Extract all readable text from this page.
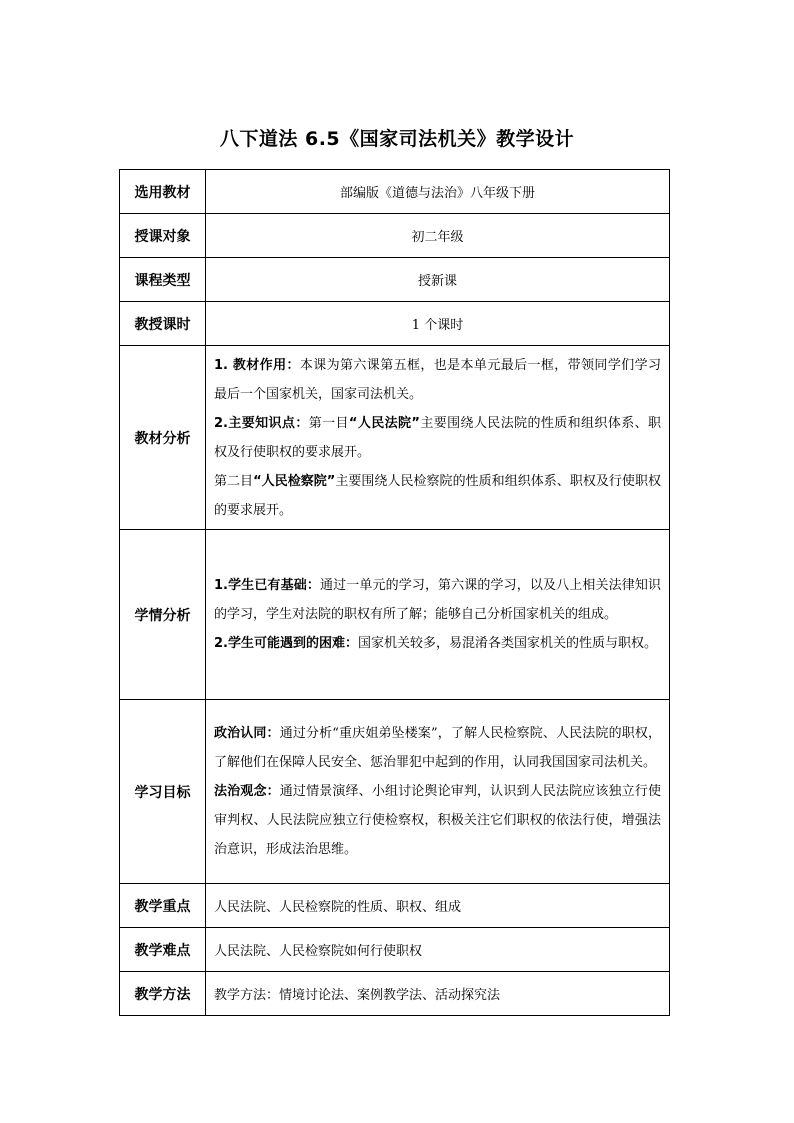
八下道法 6.5《国家司法机关》教学设计
选用教材	部编版《道德与法治》八年级下册
授课对象	初二年级
课程类型	授新课
教授课时	1 个课时
教材分析	1. 教材作用：本课为第六课第五框，也是本单元最后一框，带领同学们学习最后一个国家机关，国家司法机关。
2.主要知识点：第一目“人民法院”主要围绕人民法院的性质和组织体系、职权及行使职权的要求展开。
第二目“人民检察院”主要围绕人民检察院的性质和组织体系、职权及行使职权的要求展开。

学情分析	1.学生已有基础：通过一单元的学习，第六课的学习，以及八上相关法律知识的学习，学生对法院的职权有所了解；能够自己分析国家机关的组成。
2.学生可能遇到的困难：国家机关较多，易混淆各类国家机关的性质与职权。

学习目标	政治认同：通过分析“重庆姐弟坠楼案”，了解人民检察院、人民法院的职权，了解他们在保障人民安全、惩治罪犯中起到的作用，认同我国国家司法机关。
法治观念：通过情景演绎、小组讨论舆论审判，认识到人民法院应该独立行使审判权、人民法院应独立行使检察权，积极关注它们职权的依法行使，增强法治意识，形成法治思维。

教学重点	人民法院、人民检察院的性质、职权、组成
教学难点	人民法院、人民检察院如何行使职权
教学方法	教学方法：情境讨论法、案例教学法、活动探究法
